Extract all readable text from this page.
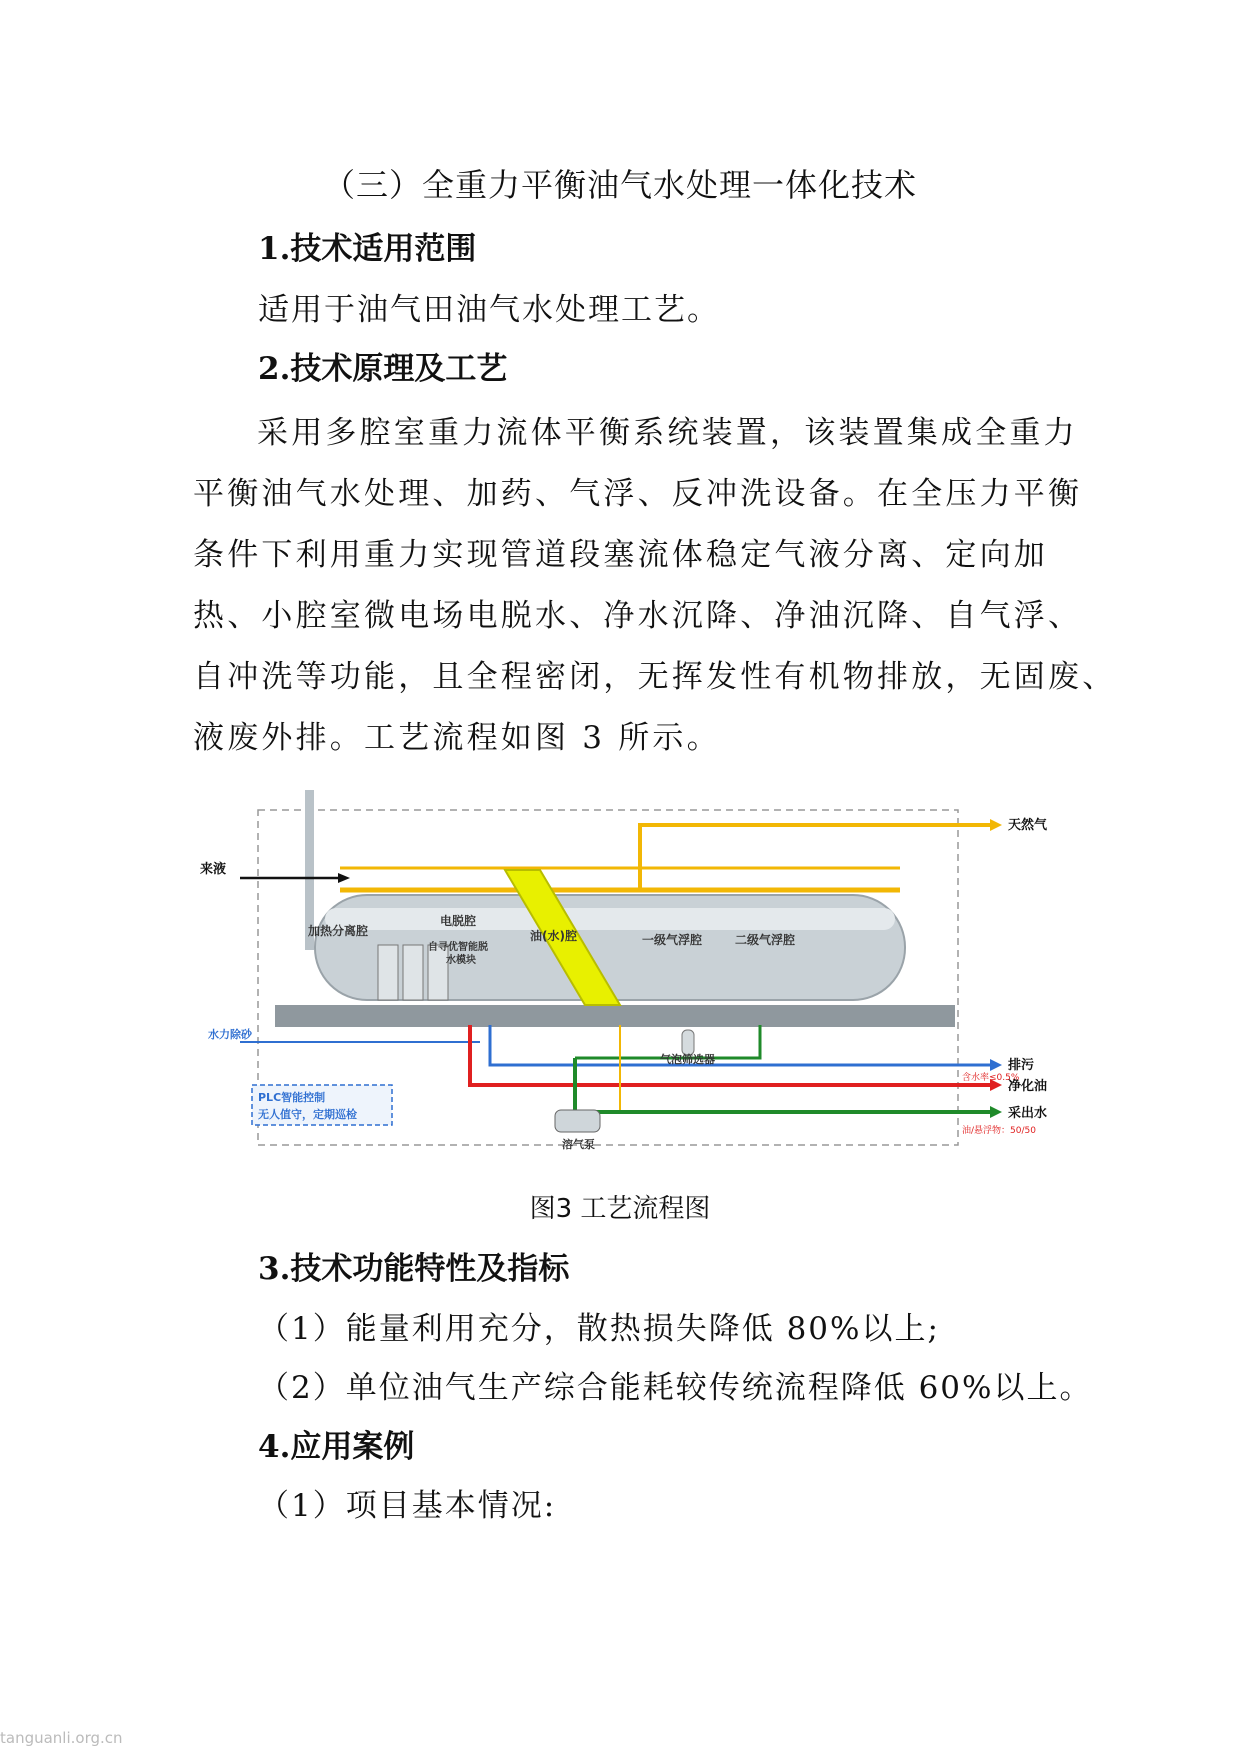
（三）全重力平衡油气水处理一体化技术
1.技术适用范围

适用于油气田油气水处理工艺。

2.技术原理及工艺
采用多腔室重力流体平衡系统装置，该装置集成全重力
平衡油气水处理、加药、气浮、反冲洗设备。在全压力平衡
条件下利用重力实现管道段塞流体稳定气液分离、定向加
热、小腔室微电场电脱水、净水沉降、净油沉降、自气浮、
自冲洗等功能，且全程密闭，无挥发性有机物排放，无固废、
液废外排。工艺流程如图 3 所示。
来液
天然气
加热分离腔
电脱腔
自寻优智能脱
水模块
油(水)腔	一级气浮腔	二级气浮腔
水力除砂
气泡筛选器
PLC智能控制
无人值守，定期巡检
溶气泵
排污
含水率≤0.5%
净化油
采出水
油/悬浮物：50/50

图3 工艺流程图

3.技术功能特性及指标

（1）能量利用充分，散热损失降低 80%以上;

（2）单位油气生产综合能耗较传统流程降低 60%以上。

4.应用案例

（1）项目基本情况:

tanguanli.org.cn
